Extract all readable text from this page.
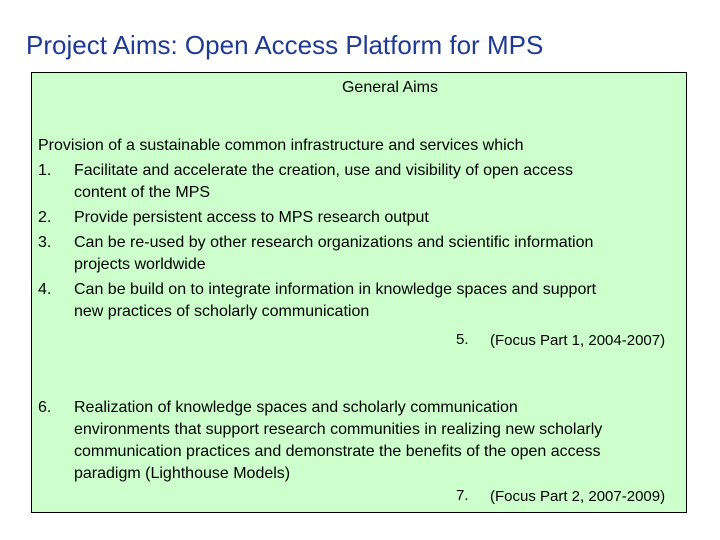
Project Aims: Open Access Platform for MPS
General Aims
Provision of a sustainable common infrastructure and services which
1. Facilitate and accelerate the creation, use and visibility of open access
content of the MPS
2. Provide persistent access to MPS research output
3. Can be re-used by other research organizations and scientific information
projects worldwide
4. Can be build on to integrate information in knowledge spaces and support
new practices of scholarly communication
5. (Focus Part 1, 2004-2007)
6. Realization of knowledge spaces and scholarly communication
environments that support research communities in realizing new scholarly
communication practices and demonstrate the benefits of the open access
paradigm (Lighthouse Models)
7. (Focus Part 2, 2007-2009)
